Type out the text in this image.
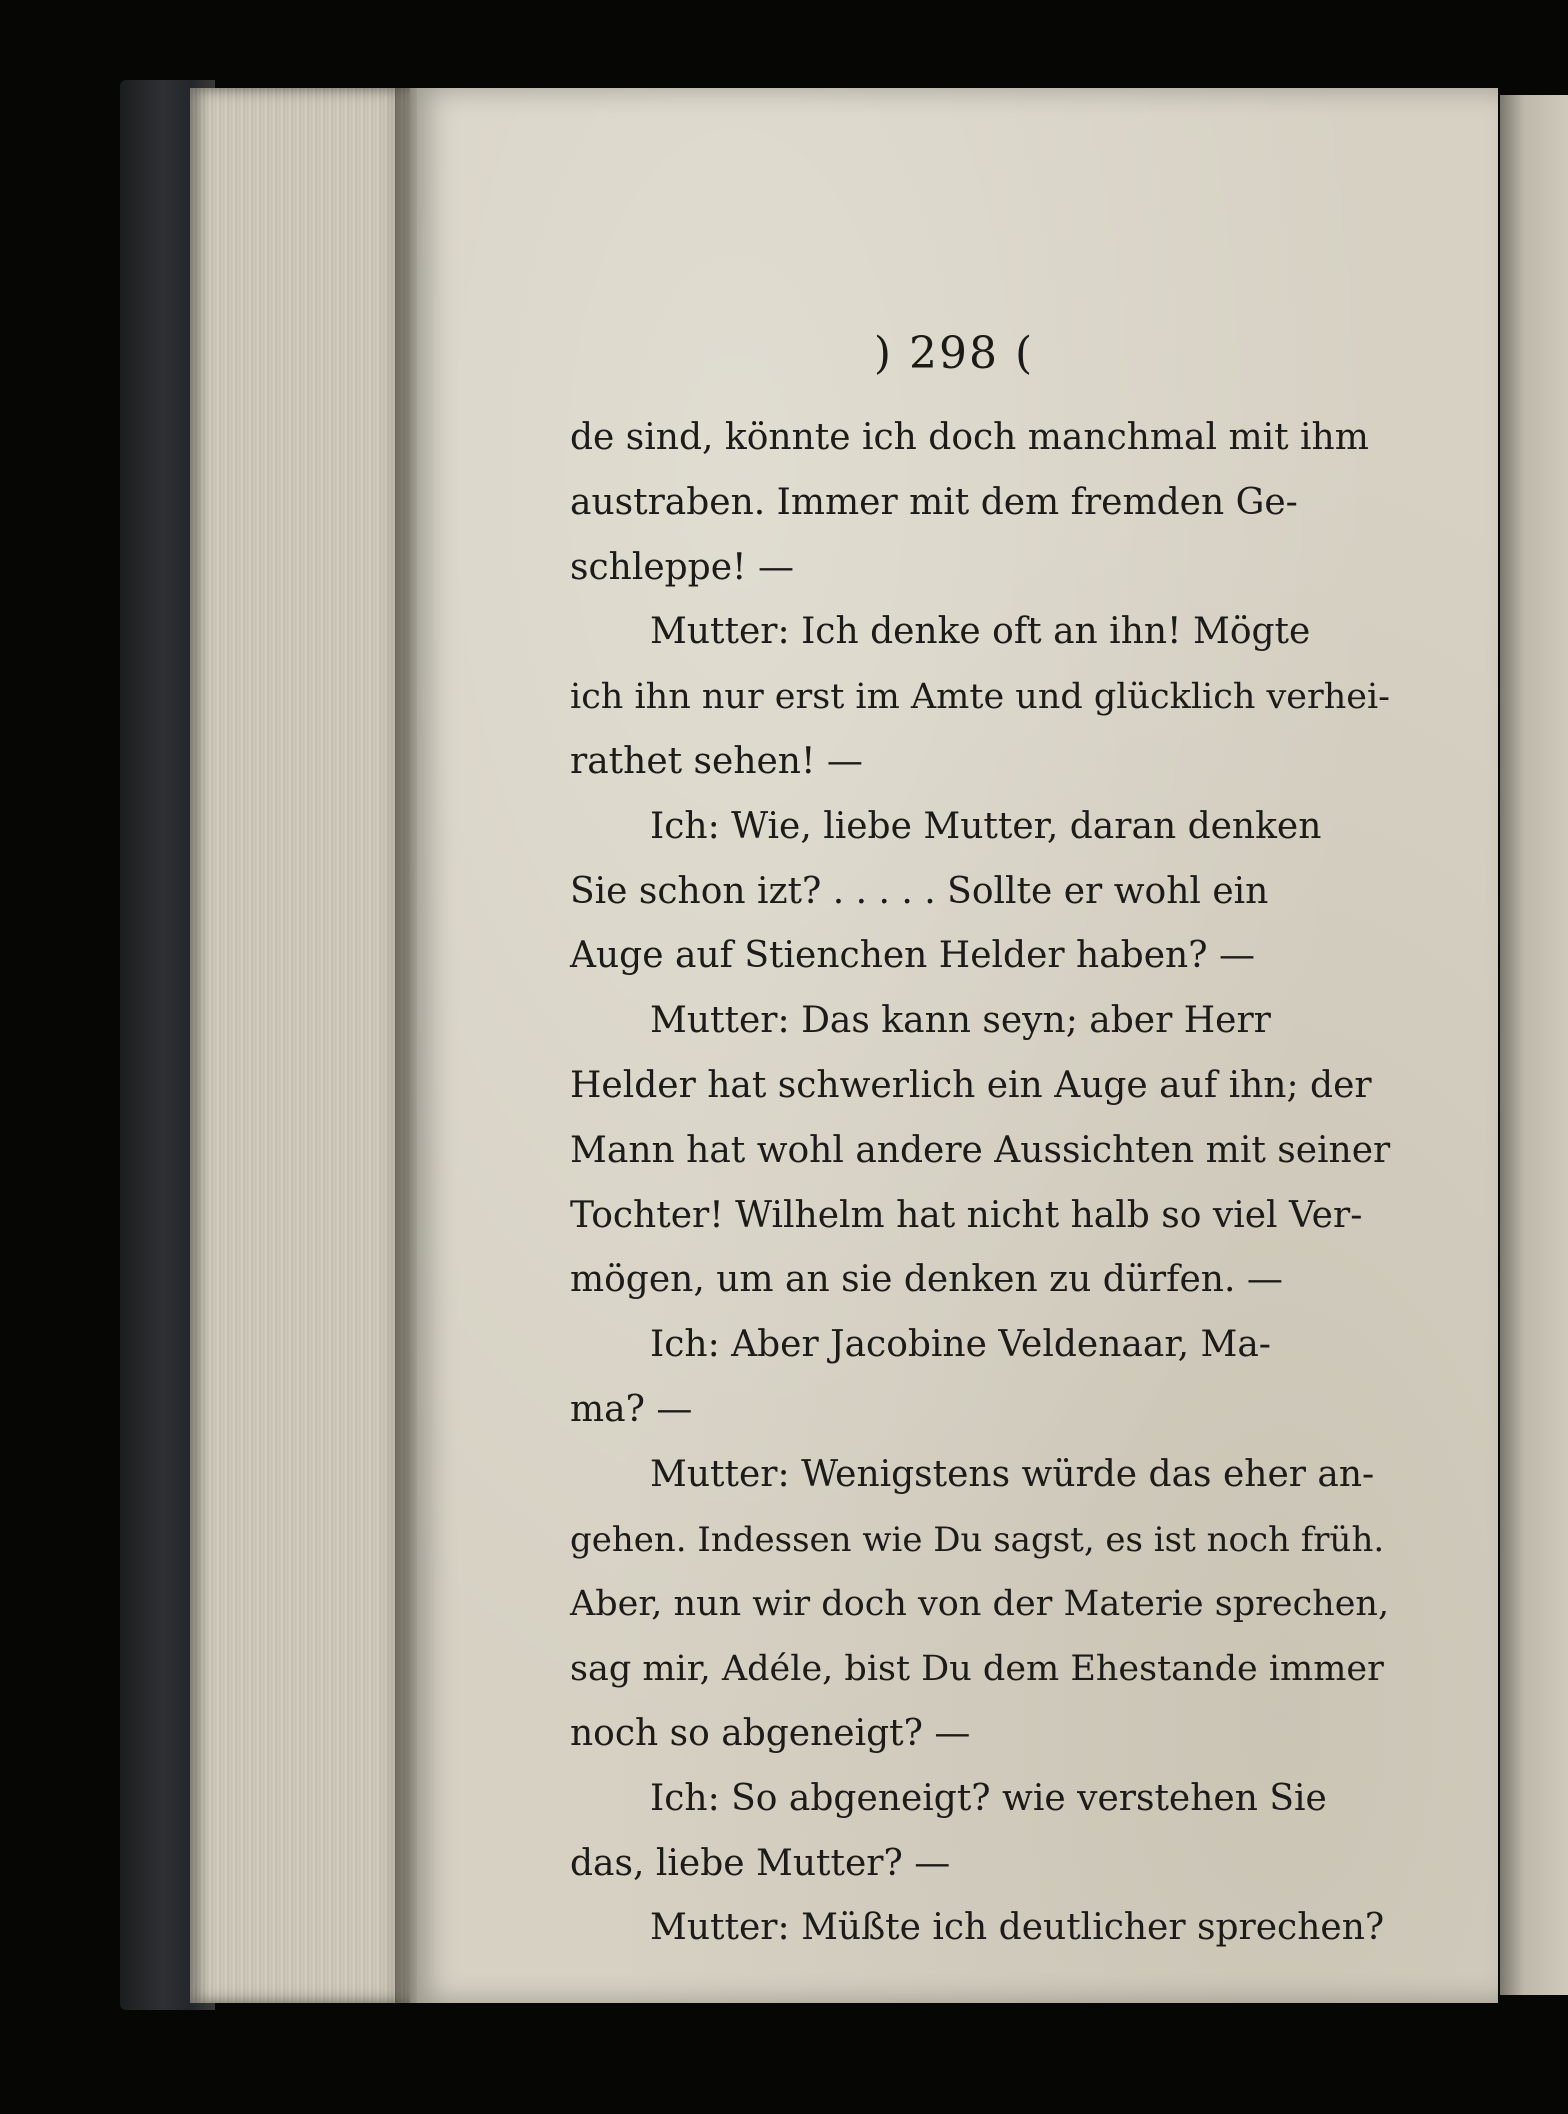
) 298 (
de sind, könnte ich doch manchmal mit ihm
austraben. Immer mit dem fremden Ge-
schleppe! —
Mutter: Ich denke oft an ihn! Mögte
ich ihn nur erst im Amte und glücklich verhei-
rathet sehen! —
Ich: Wie, liebe Mutter, daran denken
Sie schon izt? . . . . . Sollte er wohl ein
Auge auf Stienchen Helder haben? —
Mutter: Das kann seyn; aber Herr
Helder hat schwerlich ein Auge auf ihn; der
Mann hat wohl andere Aussichten mit seiner
Tochter! Wilhelm hat nicht halb so viel Ver-
mögen, um an sie denken zu dürfen. —
Ich: Aber Jacobine Veldenaar, Ma-
ma? —
Mutter: Wenigstens würde das eher an-
gehen. Indessen wie Du sagst, es ist noch früh.
Aber, nun wir doch von der Materie sprechen,
sag mir, Adéle, bist Du dem Ehestande immer
noch so abgeneigt? —
Ich: So abgeneigt? wie verstehen Sie
das, liebe Mutter? —
Mutter: Müßte ich deutlicher sprechen?
